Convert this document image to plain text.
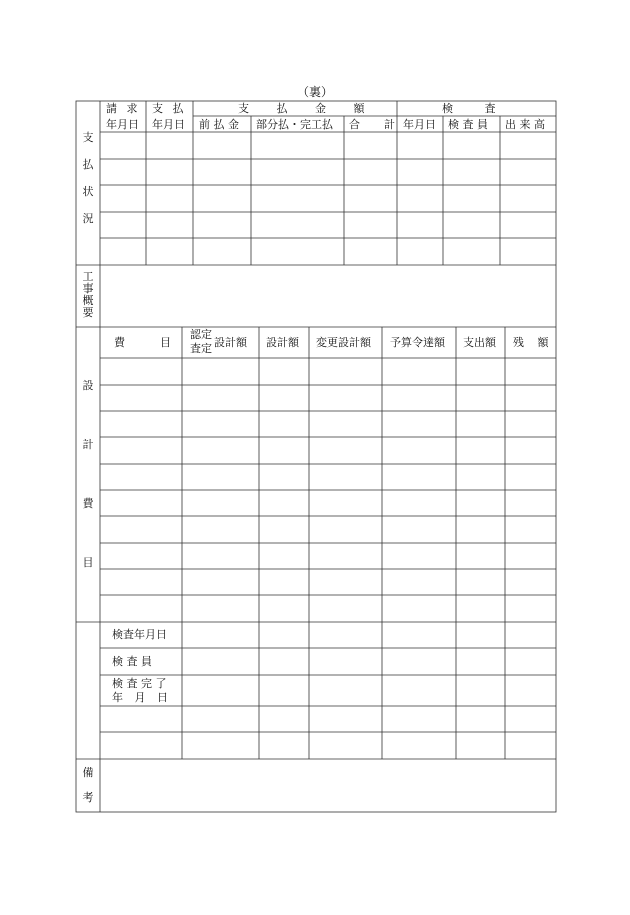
（裏）
支
払
状
況
請 求
年月日
支 払
年月日
支 払 金 額
前 払 金 部分払・完工払 合 計
検 査
年月日 検 査 員 出 来 高
工
事
概
要
設
計
費
目
費	目
認定
査定 設計額 設計額 変更設計額 予算令達額 支出額 残 額
検査年月日
検 査 員
検 査 完 了
年 月 日
備
考
